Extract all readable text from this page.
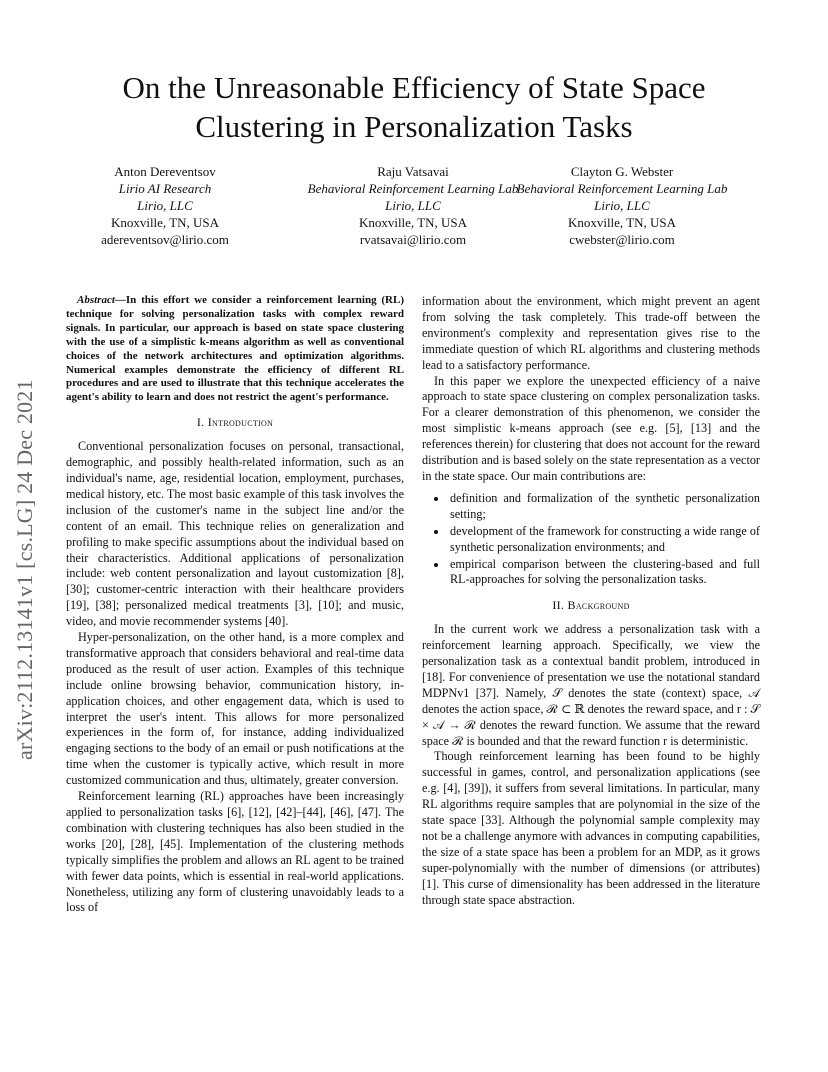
On the Unreasonable Efficiency of State Space Clustering in Personalization Tasks
Anton Dereventsov
Lirio AI Research
Lirio, LLC
Knoxville, TN, USA
adereventsov@lirio.com
Raju Vatsavai
Behavioral Reinforcement Learning Lab
Lirio, LLC
Knoxville, TN, USA
rvatsavai@lirio.com
Clayton G. Webster
Behavioral Reinforcement Learning Lab
Lirio, LLC
Knoxville, TN, USA
cwebster@lirio.com
arXiv:2112.13141v1 [cs.LG] 24 Dec 2021
Abstract—In this effort we consider a reinforcement learning (RL) technique for solving personalization tasks with complex reward signals. In particular, our approach is based on state space clustering with the use of a simplistic k-means algorithm as well as conventional choices of the network architectures and optimization algorithms. Numerical examples demonstrate the efficiency of different RL procedures and are used to illustrate that this technique accelerates the agent's ability to learn and does not restrict the agent's performance.
I. Introduction

Conventional personalization focuses on personal, transactional, demographic, and possibly health-related information, such as an individual's name, age, residential location, employment, purchases, medical history, etc. The most basic example of this task involves the inclusion of the customer's name in the subject line and/or the content of an email. This technique relies on generalization and profiling to make specific assumptions about the individual based on their characteristics. Additional applications of personalization include: web content personalization and layout customization [8], [30]; customer-centric interaction with their healthcare providers [19], [38]; personalized medical treatments [3], [10]; and music, video, and movie recommender systems [40].

Hyper-personalization, on the other hand, is a more complex and transformative approach that considers behavioral and real-time data produced as the result of user action. Examples of this technique include online browsing behavior, communication history, in-application choices, and other engagement data, which is used to interpret the user's intent. This allows for more personalized experiences in the form of, for instance, adding individualized engaging sections to the body of an email or push notifications at the time when the customer is typically active, which result in more customized communication and thus, ultimately, greater conversion.

Reinforcement learning (RL) approaches have been increasingly applied to personalization tasks [6], [12], [42]–[44], [46], [47]. The combination with clustering techniques has also been studied in the works [20], [28], [45]. Implementation of the clustering methods typically simplifies the problem and allows an RL agent to be trained with fewer data points, which is essential in real-world applications. Nonetheless, utilizing any form of clustering unavoidably leads to a loss of

information about the environment, which might prevent an agent from solving the task completely. This trade-off between the environment's complexity and representation gives rise to the immediate question of which RL algorithms and clustering methods lead to a satisfactory performance.

In this paper we explore the unexpected efficiency of a naive approach to state space clustering on complex personalization tasks. For a clearer demonstration of this phenomenon, we consider the most simplistic k-means approach (see e.g. [5], [13] and the references therein) for clustering that does not account for the reward distribution and is based solely on the state representation as a vector in the state space. Our main contributions are:

• definition and formalization of the synthetic personalization setting;
• development of the framework for constructing a wide range of synthetic personalization environments; and
• empirical comparison between the clustering-based and full RL-approaches for solving the personalization tasks.
II. Background

In the current work we address a personalization task with a reinforcement learning approach. Specifically, we view the personalization task as a contextual bandit problem, introduced in [18]. For convenience of presentation we use the notational standard MDPNv1 [37]. Namely, 𝒮 denotes the state (context) space, 𝒜 denotes the action space, ℛ ⊂ ℝ denotes the reward space, and r : 𝒮 × 𝒜 → ℛ denotes the reward function. We assume that the reward space ℛ is bounded and that the reward function r is deterministic.

Though reinforcement learning has been found to be highly successful in games, control, and personalization applications (see e.g. [4], [39]), it suffers from several limitations. In particular, many RL algorithms require samples that are polynomial in the size of the state space [33]. Although the polynomial sample complexity may not be a challenge anymore with advances in computing capabilities, the size of a state space has been a problem for an MDP, as it grows super-polynomially with the number of dimensions (or attributes) [1]. This curse of dimensionality has been addressed in the literature through state space abstraction.
